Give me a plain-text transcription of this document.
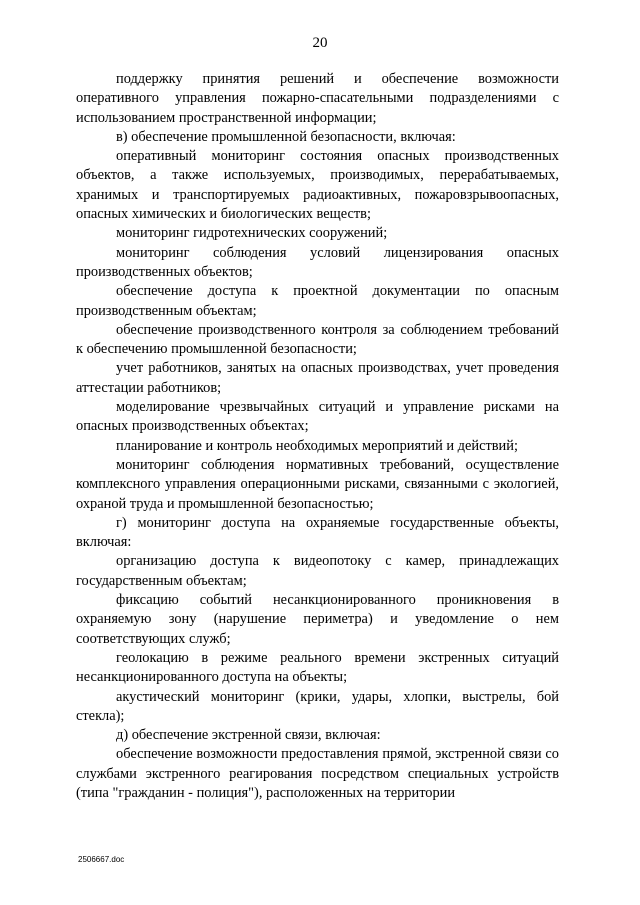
20

поддержку принятия решений и обеспечение возможности оперативного управления пожарно-спасательными подразделениями с использованием пространственной информации;

в) обеспечение промышленной безопасности, включая:

оперативный мониторинг состояния опасных производственных объектов, а также используемых, производимых, перерабатываемых, хранимых и транспортируемых радиоактивных, пожаровзрывоопасных, опасных химических и биологических веществ;

мониторинг гидротехнических сооружений;

мониторинг соблюдения условий лицензирования опасных производственных объектов;

обеспечение доступа к проектной документации по опасным производственным объектам;

обеспечение производственного контроля за соблюдением требований к обеспечению промышленной безопасности;

учет работников, занятых на опасных производствах, учет проведения аттестации работников;

моделирование чрезвычайных ситуаций и управление рисками на опасных производственных объектах;

планирование и контроль необходимых мероприятий и действий;

мониторинг соблюдения нормативных требований, осуществление комплексного управления операционными рисками, связанными с экологией, охраной труда и промышленной безопасностью;

г) мониторинг доступа на охраняемые государственные объекты, включая:

организацию доступа к видеопотоку с камер, принадлежащих государственным объектам;

фиксацию событий несанкционированного проникновения в охраняемую зону (нарушение периметра) и уведомление о нем соответствующих служб;

геолокацию в режиме реального времени экстренных ситуаций несанкционированного доступа на объекты;

акустический мониторинг (крики, удары, хлопки, выстрелы, бой стекла);

д) обеспечение экстренной связи, включая:

обеспечение возможности предоставления прямой, экстренной связи со службами экстренного реагирования посредством специальных устройств (типа "гражданин - полиция"), расположенных на территории

2506667.doc
